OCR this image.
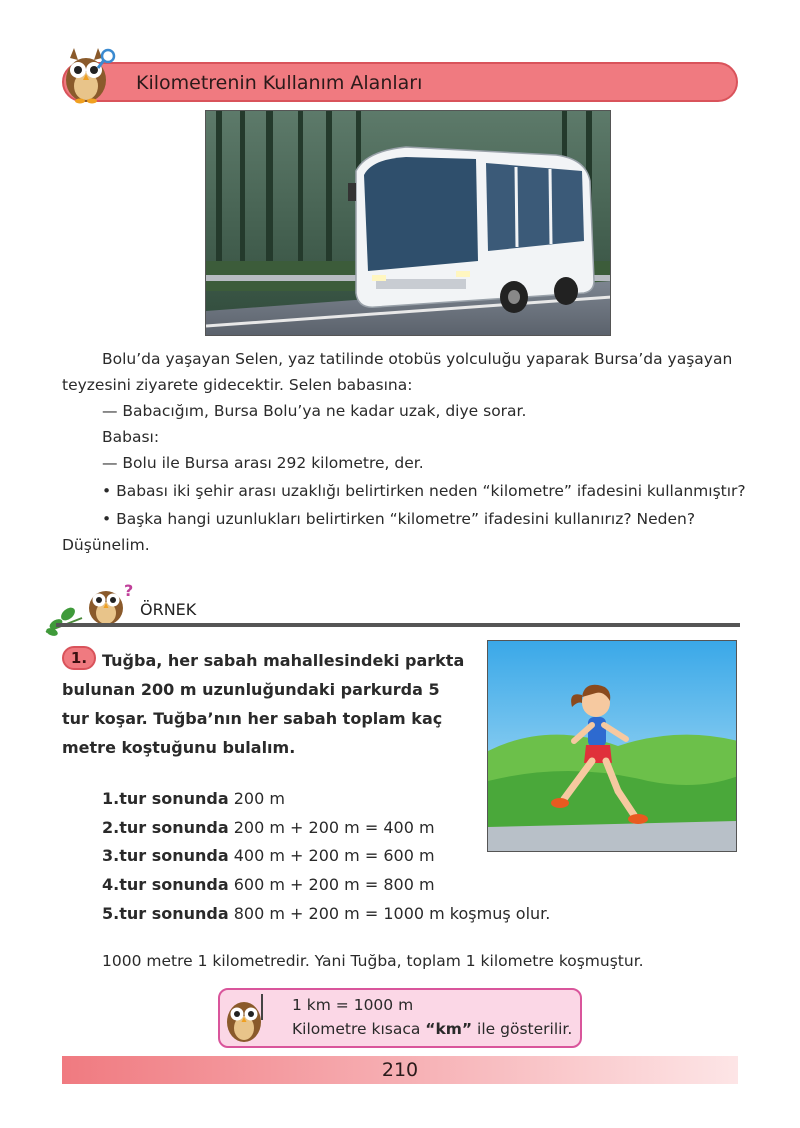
Kilometrenin Kullanım Alanları

Bolu’da yaşayan Selen, yaz tatilinde otobüs yolculuğu yaparak Bursa’da yaşayan teyzesini ziyarete gidecektir. Selen babasına:

— Babacığım, Bursa Bolu’ya ne kadar uzak, diye sorar.

Babası:

— Bolu ile Bursa arası 292 kilometre, der.

• Babası iki şehir arası uzaklığı belirtirken neden “kilometre” ifadesini kullanmıştır?

• Başka hangi uzunlukları belirtirken “kilometre” ifadesini kullanırız? Neden? Düşünelim.

?
ÖRNEK

Tuğba, her sabah mahallesindeki parkta bulunan 200 m uzunluğundaki parkurda 5 tur koşar. Tuğba’nın her sabah toplam kaç metre koştuğunu bulalım.

1.

1.tur sonunda 200 m

2.tur sonunda 200 m + 200 m = 400 m

3.tur sonunda 400 m + 200 m = 600 m

4.tur sonunda 600 m + 200 m = 800 m

5.tur sonunda 800 m + 200 m = 1000 m koşmuş olur.

1000 metre 1 kilometredir. Yani Tuğba, toplam 1 kilometre koşmuştur.

1 km = 1000 m

Kilometre kısaca “km” ile gösterilir.

210
